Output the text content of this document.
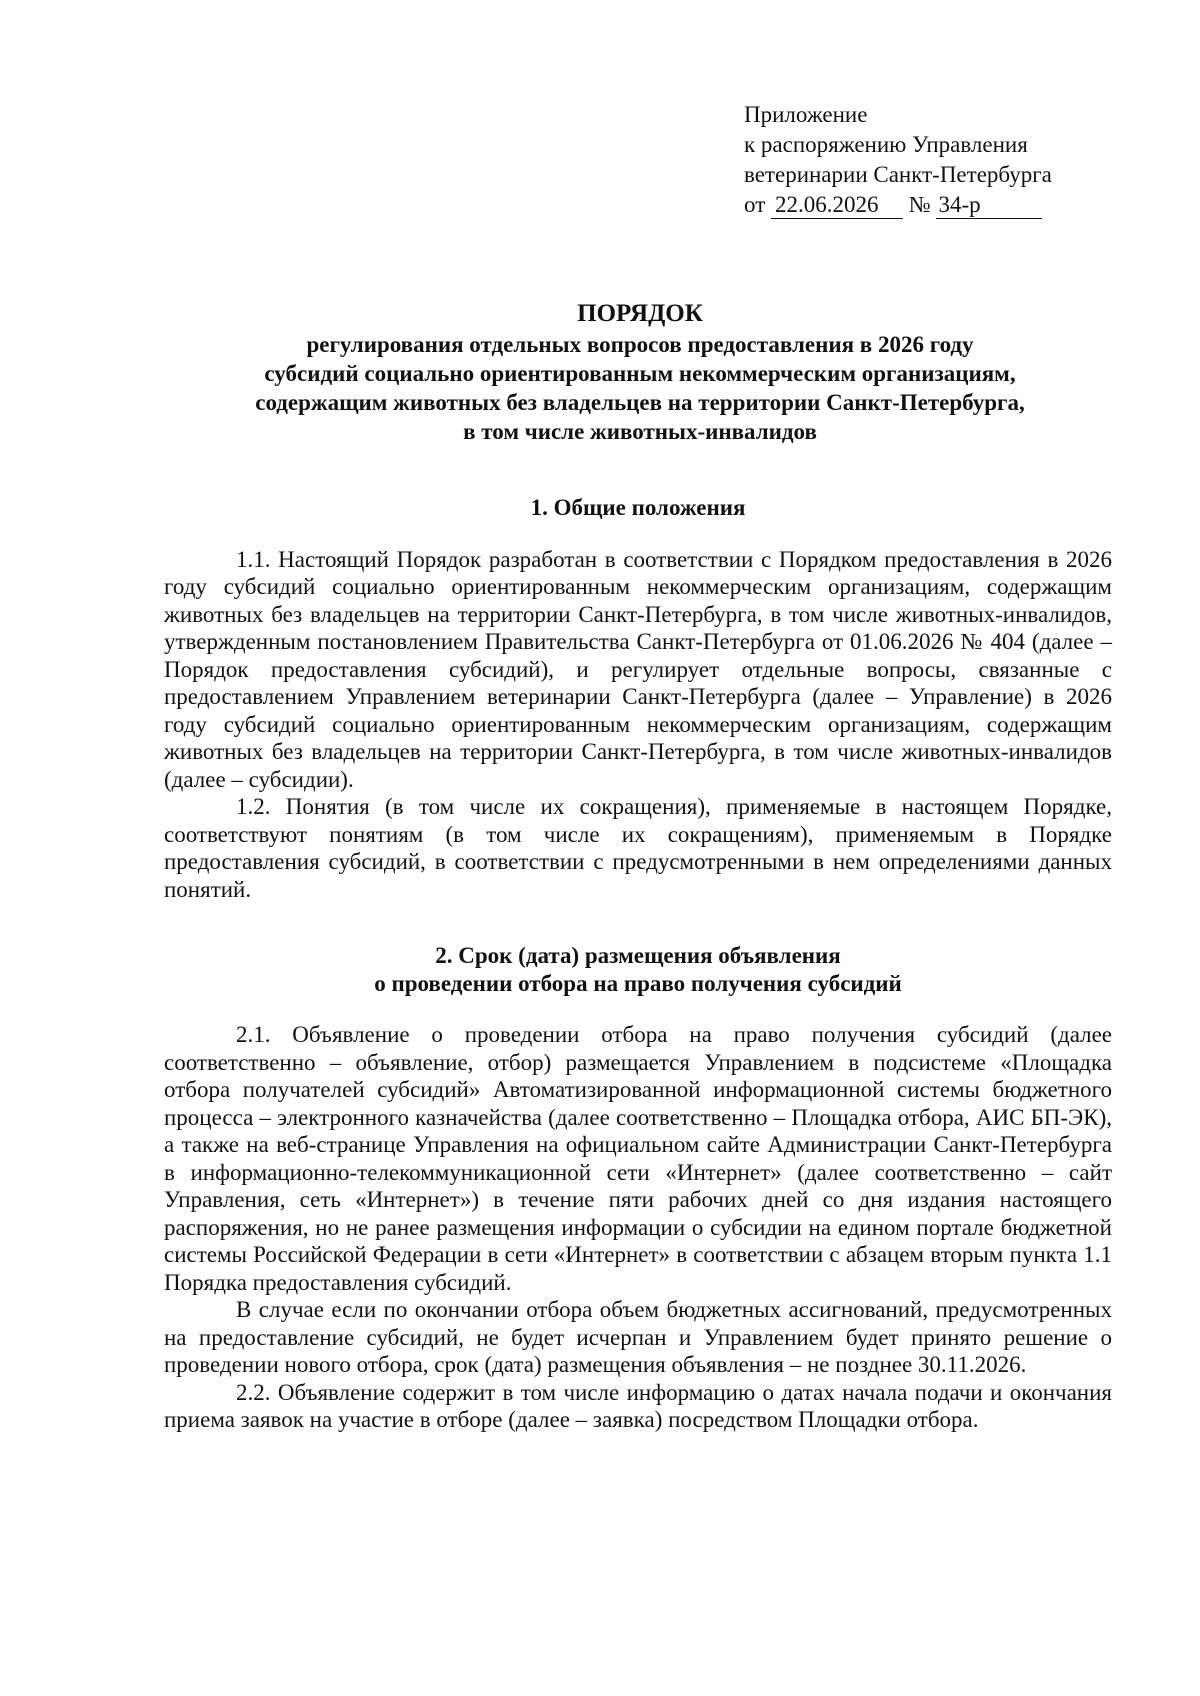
Приложение
к распоряжению Управления
ветеринарии Санкт-Петербурга
от 22.06.2026 № 34-р
ПОРЯДОК
регулирования отдельных вопросов предоставления в 2026 году
субсидий социально ориентированным некоммерческим организациям,
содержащим животных без владельцев на территории Санкт-Петербурга,
в том числе животных-инвалидов

1. Общие положения

1.1. Настоящий Порядок разработан в соответствии с Порядком предоставления в 2026 году субсидий социально ориентированным некоммерческим организациям, содержащим животных без владельцев на территории Санкт-Петербурга, в том числе животных-инвалидов, утвержденным постановлением Правительства Санкт-Петербурга от 01.06.2026 № 404 (далее – Порядок предоставления субсидий), и регулирует отдельные вопросы, связанные с предоставлением Управлением ветеринарии Санкт-Петербурга (далее – Управление) в 2026 году субсидий социально ориентированным некоммерческим организациям, содержащим животных без владельцев на территории Санкт-Петербурга, в том числе животных-инвалидов (далее – субсидии).

1.2. Понятия (в том числе их сокращения), применяемые в настоящем Порядке, соответствуют понятиям (в том числе их сокращениям), применяемым в Порядке предоставления субсидий, в соответствии с предусмотренными в нем определениями данных понятий.

2. Срок (дата) размещения объявления
о проведении отбора на право получения субсидий

2.1. Объявление о проведении отбора на право получения субсидий (далее соответственно – объявление, отбор) размещается Управлением в подсистеме «Площадка отбора получателей субсидий» Автоматизированной информационной системы бюджетного процесса – электронного казначейства (далее соответственно – Площадка отбора, АИС БП-ЭК), а также на веб-странице Управления на официальном сайте Администрации Санкт-Петербурга в информационно-телекоммуникационной сети «Интернет» (далее соответственно – сайт Управления, сеть «Интернет») в течение пяти рабочих дней со дня издания настоящего распоряжения, но не ранее размещения информации о субсидии на едином портале бюджетной системы Российской Федерации в сети «Интернет» в соответствии с абзацем вторым пункта 1.1 Порядка предоставления субсидий.

В случае если по окончании отбора объем бюджетных ассигнований, предусмотренных на предоставление субсидий, не будет исчерпан и Управлением будет принято решение о проведении нового отбора, срок (дата) размещения объявления – не позднее 30.11.2026.

2.2. Объявление содержит в том числе информацию о датах начала подачи и окончания приема заявок на участие в отборе (далее – заявка) посредством Площадки отбора.
